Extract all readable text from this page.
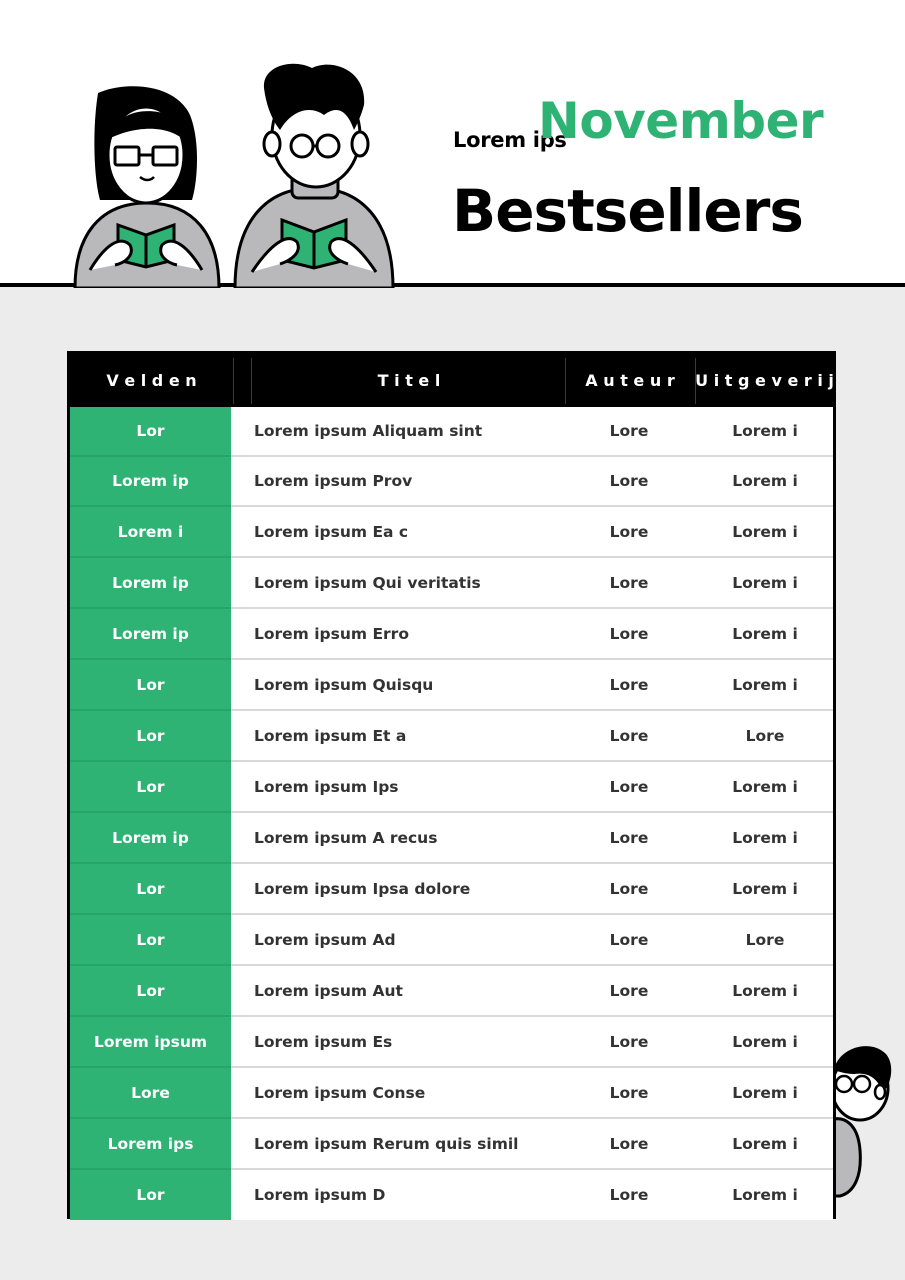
Lorem ips
November
Bestsellers
V e l d e n	T i t e l	A u t e u r	U i t g e v e r i j
Lor	Lorem ipsum Aliquam sint	Lore	Lorem i
Lorem ip	Lorem ipsum Prov	Lore	Lorem i
Lorem i	Lorem ipsum Ea c	Lore	Lorem i
Lorem ip	Lorem ipsum Qui veritatis	Lore	Lorem i
Lorem ip	Lorem ipsum Erro	Lore	Lorem i
Lor	Lorem ipsum Quisqu	Lore	Lorem i
Lor	Lorem ipsum Et a	Lore	Lore
Lor	Lorem ipsum Ips	Lore	Lorem i
Lorem ip	Lorem ipsum A recus	Lore	Lorem i
Lor	Lorem ipsum Ipsa dolore	Lore	Lorem i
Lor	Lorem ipsum Ad	Lore	Lore
Lor	Lorem ipsum Aut	Lore	Lorem i
Lorem ipsum	Lorem ipsum Es	Lore	Lorem i
Lore	Lorem ipsum Conse	Lore	Lorem i
Lorem ips	Lorem ipsum Rerum quis simil	Lore	Lorem i
Lor	Lorem ipsum D	Lore	Lorem i
